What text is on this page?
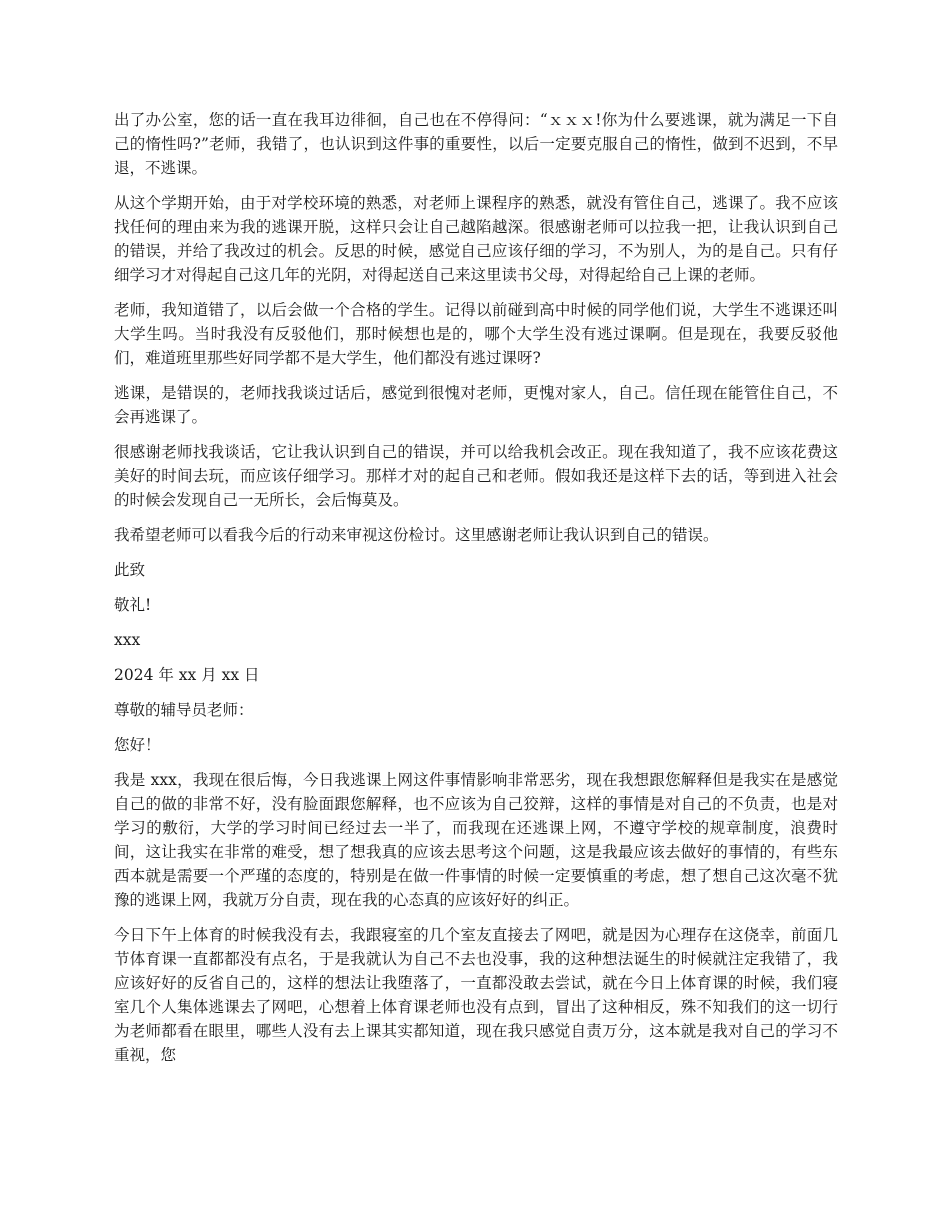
出了办公室，您的话一直在我耳边徘徊，自己也在不停得问：“ｘｘｘ!你为什么要逃课，就为满足一下自己的惰性吗?”老师，我错了，也认识到这件事的重要性，以后一定要克服自己的惰性，做到不迟到，不早退，不逃课。

从这个学期开始，由于对学校环境的熟悉，对老师上课程序的熟悉，就没有管住自己，逃课了。我不应该找任何的理由来为我的逃课开脱，这样只会让自己越陷越深。很感谢老师可以拉我一把，让我认识到自己的错误，并给了我改过的机会。反思的时候，感觉自己应该仔细的学习，不为别人，为的是自己。只有仔细学习才对得起自己这几年的光阴，对得起送自己来这里读书父母，对得起给自己上课的老师。

老师，我知道错了，以后会做一个合格的学生。记得以前碰到高中时候的同学他们说，大学生不逃课还叫大学生吗。当时我没有反驳他们，那时候想也是的，哪个大学生没有逃过课啊。但是现在，我要反驳他们，难道班里那些好同学都不是大学生，他们都没有逃过课呀?

逃课，是错误的，老师找我谈过话后，感觉到很愧对老师，更愧对家人，自己。信任现在能管住自己，不会再逃课了。

很感谢老师找我谈话，它让我认识到自己的错误，并可以给我机会改正。现在我知道了，我不应该花费这美好的时间去玩，而应该仔细学习。那样才对的起自己和老师。假如我还是这样下去的话，等到进入社会的时候会发现自己一无所长，会后悔莫及。

我希望老师可以看我今后的行动来审视这份检讨。这里感谢老师让我认识到自己的错误。

此致

敬礼!

xxx

2024 年 xx 月 xx 日

尊敬的辅导员老师：

您好！

我是 xxx，我现在很后悔，今日我逃课上网这件事情影响非常恶劣，现在我想跟您解释但是我实在是感觉自己的做的非常不好，没有脸面跟您解释，也不应该为自己狡辩，这样的事情是对自己的不负责，也是对学习的敷衍，大学的学习时间已经过去一半了，而我现在还逃课上网，不遵守学校的规章制度，浪费时间，这让我实在非常的难受，想了想我真的应该去思考这个问题，这是我最应该去做好的事情的，有些东西本就是需要一个严瑾的态度的，特别是在做一件事情的时候一定要慎重的考虑，想了想自己这次毫不犹豫的逃课上网，我就万分自责，现在我的心态真的应该好好的纠正。

今日下午上体育的时候我没有去，我跟寝室的几个室友直接去了网吧，就是因为心理存在这侥幸，前面几节体育课一直都都没有点名，于是我就认为自己不去也没事，我的这种想法诞生的时候就注定我错了，我应该好好的反省自己的，这样的想法让我堕落了，一直都没敢去尝试，就在今日上体育课的时候，我们寝室几个人集体逃课去了网吧，心想着上体育课老师也没有点到，冒出了这种相反，殊不知我们的这一切行为老师都看在眼里，哪些人没有去上课其实都知道，现在我只感觉自责万分，这本就是我对自己的学习不重视，您
